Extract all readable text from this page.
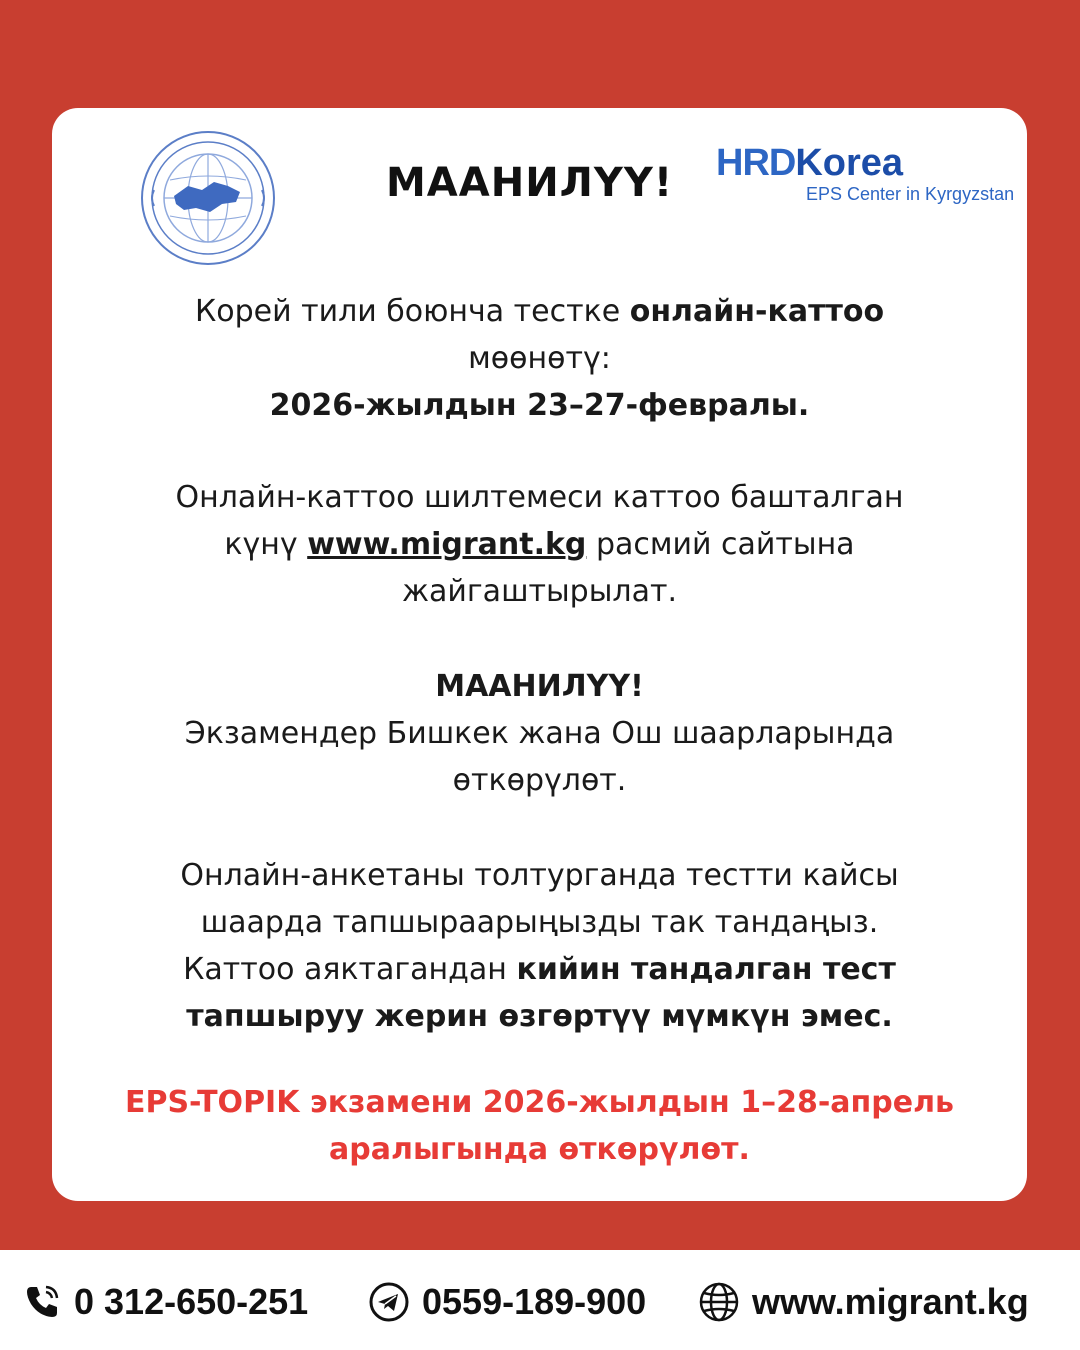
МААНИЛҮҮ! HRDKorea
EPS Center in Kyrgyzstan
Корей тили боюнча тестке онлайн-каттоо
мөөнөтү:
2026-жылдын 23–27-февралы.
Онлайн-каттоо шилтемеси каттоо башталган
күнү www.migrant.kg расмий сайтына
жайгаштырылат.
МААНИЛҮҮ!
Экзамендер Бишкек жана Ош шаарларында
өткөрүлөт.
Онлайн-анкетаны толтурганда тестти кайсы
шаарда тапшыраарыңызды так тандаңыз.
Каттоо аяктагандан кийин тандалган тест
тапшыруу жерин өзгөртүү мүмкүн эмес.
EPS-TOPIK экзамени 2026-жылдын 1–28-апрель
аралыгында өткөрүлөт.
0 312-650-251	0559-189-900	www.migrant.kg
